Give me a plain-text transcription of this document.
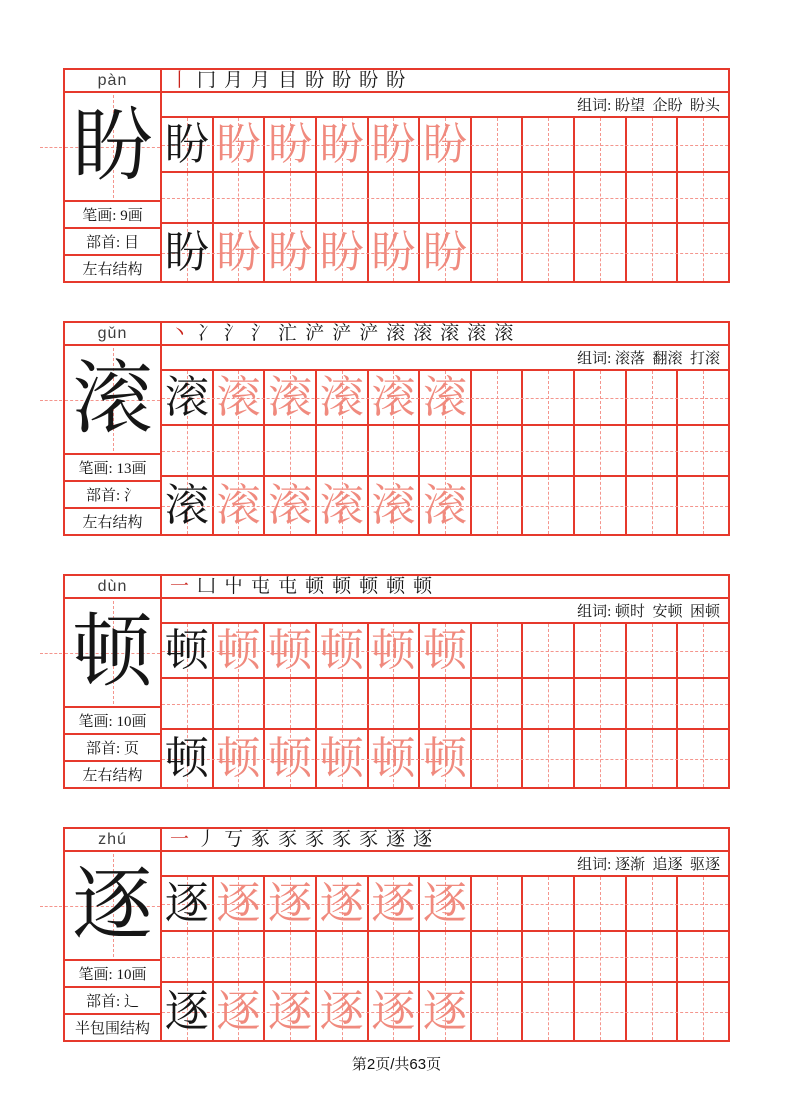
pàn
盼
笔画: 9画
部首: 目
左右结构
丨 冂 月 月 目 盼 盼 盼 盼
组词: 盼望  企盼  盼头
盼 盼 盼 盼 盼 盼
盼 盼 盼 盼 盼 盼
gǔn
滚
笔画: 13画
部首: 氵
左右结构
丶 冫 氵 氵 汒 浐 浐 浐 滚 滚 滚 滚 滚
组词: 滚落  翻滚  打滚
滚 滚 滚 滚 滚 滚
滚 滚 滚 滚 滚 滚
dùn
顿
笔画: 10画
部首: 页
左右结构
一 凵 屮 屯 屯 顿 顿 顿 顿 顿
组词: 顿时  安顿  困顿
顿 顿 顿 顿 顿 顿
顿 顿 顿 顿 顿 顿
zhú
逐
笔画: 10画
部首: 辶
半包围结构
一 丿 丂 豖 豕 豕 豕 豕 逐 逐
组词: 逐渐  追逐  驱逐
逐 逐 逐 逐 逐 逐
逐 逐 逐 逐 逐 逐
第2页/共63页
